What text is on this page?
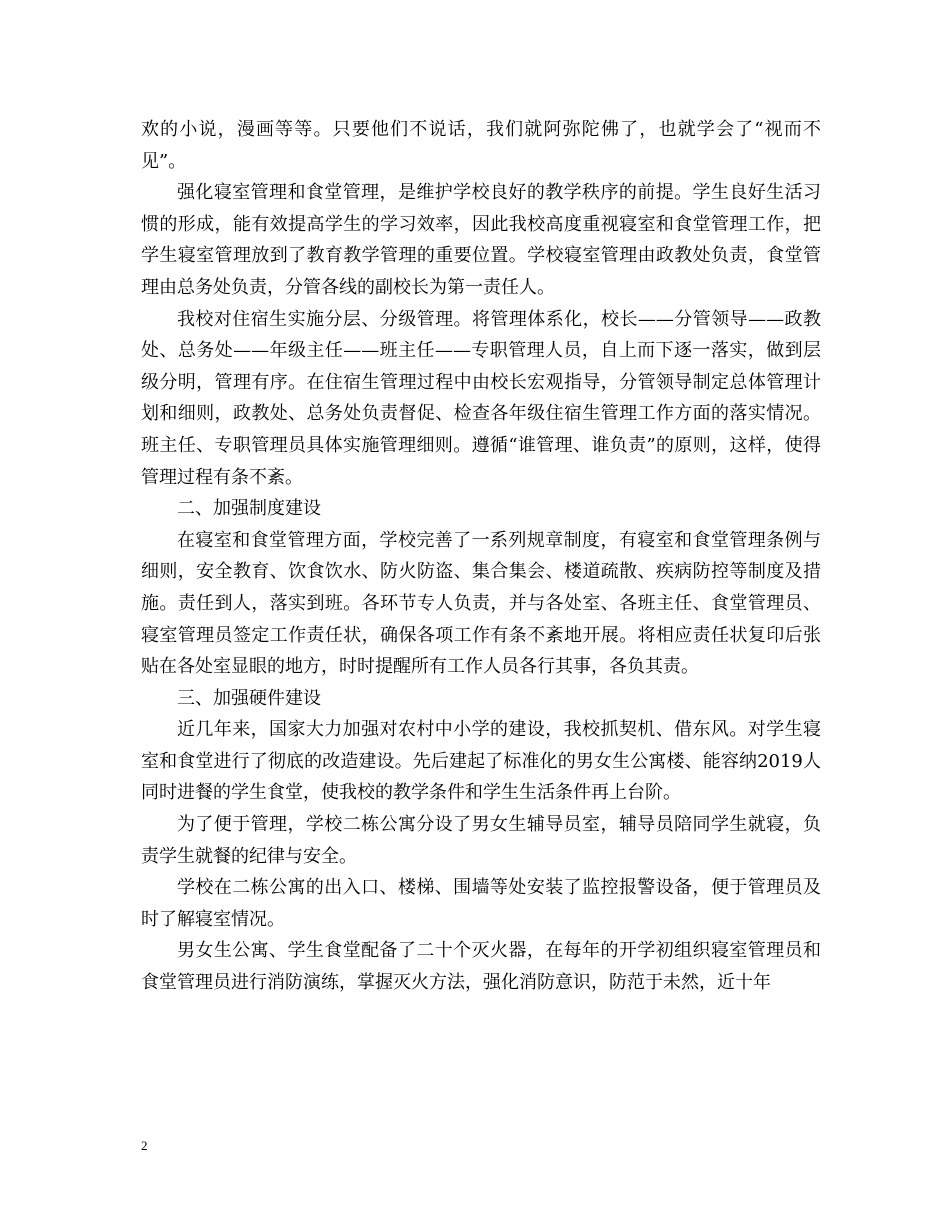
欢的小说，漫画等等。只要他们不说话，我们就阿弥陀佛了，也就学会了“视而不见”。

强化寝室管理和食堂管理，是维护学校良好的教学秩序的前提。学生良好生活习惯的形成，能有效提高学生的学习效率，因此我校高度重视寝室和食堂管理工作，把学生寝室管理放到了教育教学管理的重要位置。学校寝室管理由政教处负责，食堂管理由总务处负责，分管各线的副校长为第一责任人。

我校对住宿生实施分层、分级管理。将管理体系化，校长——分管领导——政教处、总务处——年级主任——班主任——专职管理人员，自上而下逐一落实，做到层级分明，管理有序。在住宿生管理过程中由校长宏观指导，分管领导制定总体管理计划和细则，政教处、总务处负责督促、检查各年级住宿生管理工作方面的落实情况。班主任、专职管理员具体实施管理细则。遵循“谁管理、谁负责”的原则，这样，使得管理过程有条不紊。

二、加强制度建设

在寝室和食堂管理方面，学校完善了一系列规章制度，有寝室和食堂管理条例与细则，安全教育、饮食饮水、防火防盗、集合集会、楼道疏散、疾病防控等制度及措施。责任到人，落实到班。各环节专人负责，并与各处室、各班主任、食堂管理员、寝室管理员签定工作责任状，确保各项工作有条不紊地开展。将相应责任状复印后张贴在各处室显眼的地方，时时提醒所有工作人员各行其事，各负其责。

三、加强硬件建设

近几年来，国家大力加强对农村中小学的建设，我校抓契机、借东风。对学生寝室和食堂进行了彻底的改造建设。先后建起了标准化的男女生公寓楼、能容纳2019人同时进餐的学生食堂，使我校的教学条件和学生生活条件再上台阶。

为了便于管理，学校二栋公寓分设了男女生辅导员室，辅导员陪同学生就寝，负责学生就餐的纪律与安全。

学校在二栋公寓的出入口、楼梯、围墙等处安装了监控报警设备，便于管理员及时了解寝室情况。

男女生公寓、学生食堂配备了二十个灭火器，在每年的开学初组织寝室管理员和食堂管理员进行消防演练，掌握灭火方法，强化消防意识，防范于未然，近十年

2
